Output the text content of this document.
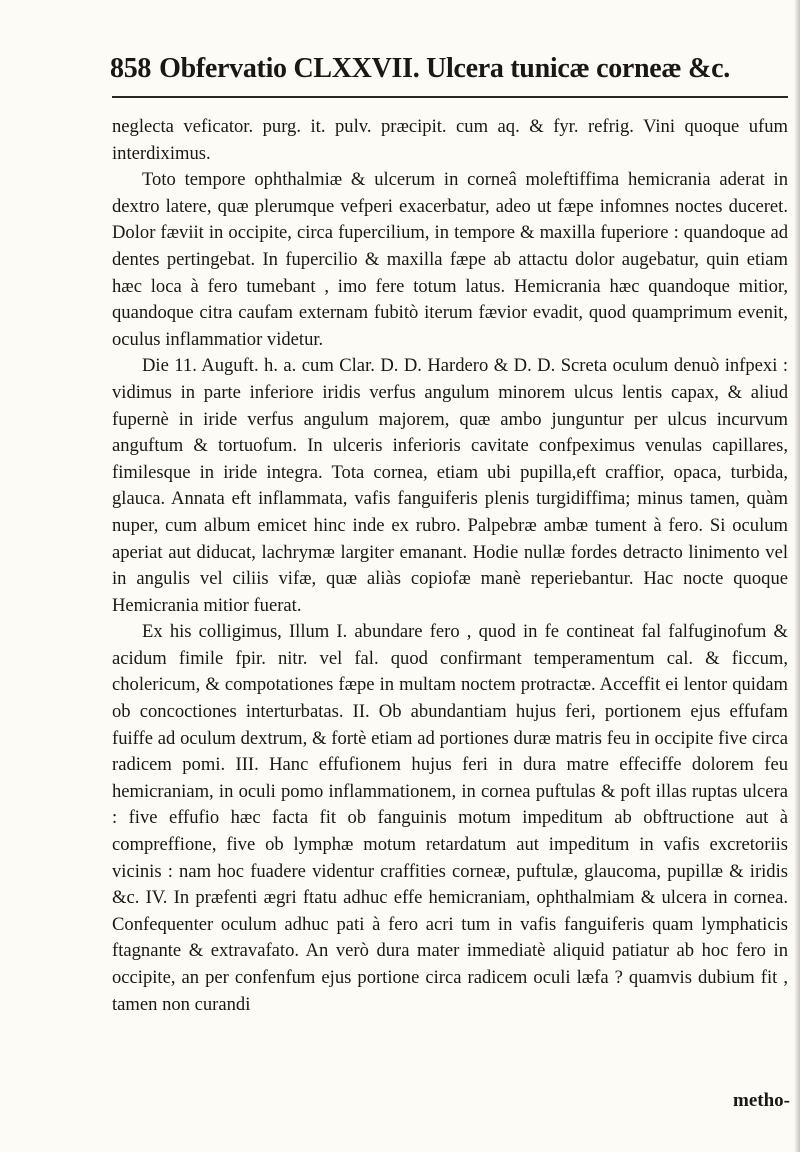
858 Obfervatio CLXXVII. Ulcera tunicæ corneæ &c.

neglecta veficator. purg. it. pulv. præcipit. cum aq. & fyr. refrig. Vini quoque ufum interdiximus.

Toto tempore ophthalmiæ & ulcerum in corneâ moleftiffima hemicrania aderat in dextro latere, quæ plerumque vefperi exacerbatur, adeo ut fæpe infomnes noctes duceret. Dolor fæviit in occipite, circa fupercilium, in tempore & maxilla fuperiore : quandoque ad dentes pertingebat. In fupercilio & maxilla fæpe ab attactu dolor augebatur, quin etiam hæc loca à fero tumebant , imo fere totum latus. Hemicrania hæc quandoque mitior, quandoque citra caufam externam fubitò iterum fævior evadit, quod quamprimum evenit, oculus inflammatior videtur.

Die 11. Auguft. h. a. cum Clar. D. D. Hardero & D. D. Screta oculum denuò infpexi : vidimus in parte inferiore iridis verfus angulum minorem ulcus lentis capax, & aliud fupernè in iride verfus angulum majorem, quæ ambo junguntur per ulcus incurvum anguftum & tortuofum. In ulceris inferioris cavitate confpeximus venulas capillares, fimilesque in iride integra. Tota cornea, etiam ubi pupilla,eft craffior, opaca, turbida, glauca. Annata eft inflammata, vafis fanguiferis plenis turgidiffima; minus tamen, quàm nuper, cum album emicet hinc inde ex rubro. Palpebræ ambæ tument à fero. Si oculum aperiat aut diducat, lachrymæ largiter emanant. Hodie nullæ fordes detracto linimento vel in angulis vel ciliis vifæ, quæ aliàs copiofæ manè reperiebantur. Hac nocte quoque Hemicrania mitior fuerat.

Ex his colligimus, Illum I. abundare fero , quod in fe contineat fal falfuginofum & acidum fimile fpir. nitr. vel fal. quod confirmant temperamentum cal. & ficcum, cholericum, & compotationes fæpe in multam noctem protractæ. Acceffit ei lentor quidam ob concoctiones interturbatas. II. Ob abundantiam hujus feri, portionem ejus effufam fuiffe ad oculum dextrum, & fortè etiam ad portiones duræ matris feu in occipite five circa radicem pomi. III. Hanc effufionem hujus feri in dura matre effeciffe dolorem feu hemicraniam, in oculi pomo inflammationem, in cornea puftulas & poft illas ruptas ulcera : five effufio hæc facta fit ob fanguinis motum impeditum ab obftructione aut à compreffione, five ob lymphæ motum retardatum aut impeditum in vafis excretoriis vicinis : nam hoc fuadere videntur craffities corneæ, puftulæ, glaucoma, pupillæ & iridis &c. IV. In præfenti ægri ftatu adhuc effe hemicraniam, ophthalmiam & ulcera in cornea. Confequenter oculum adhuc pati à fero acri tum in vafis fanguiferis quam lymphaticis ftagnante & extravafato. An verò dura mater immediatè aliquid patiatur ab hoc fero in occipite, an per confenfum ejus portione circa radicem oculi læfa ? quamvis dubium fit , tamen non curandi

metho-
